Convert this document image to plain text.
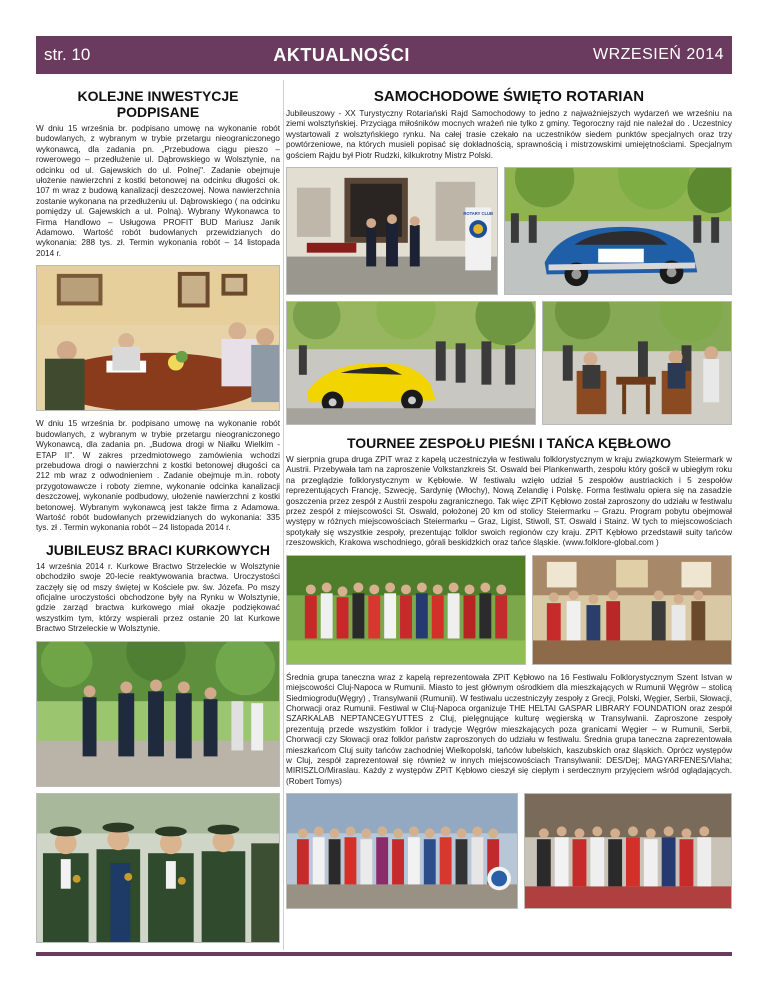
str. 10	AKTUALNOŚCI	WRZESIEŃ 2014
KOLEJNE INWESTYCJE PODPISANE

W dniu 15 września br. podpisano umowę na wykonanie robót budowlanych, z wybranym w trybie przetargu nieograniczonego wykonawcą, dla zadania pn. „Przebudowa ciągu pieszo – rowerowego – przedłużenie ul. Dąbrowskiego w Wolsztynie, na odcinku od ul. Gajewskich do ul. Polnej". Zadanie obejmuje ułożenie nawierzchni z kostki betonowej na odcinku długości ok. 107 m wraz z budową kanalizacji deszczowej. Nowa nawierzchnia zostanie wykonana na przedłużeniu ul. Dąbrowskiego ( na odcinku pomiędzy ul. Gajewskich a ul. Polną). Wybrany Wykonawca to Firma Handlowo – Usługowa PROFIT BUD Mariusz Janik Adamowo. Wartość robót budowlanych przewidzianych do wykonania: 288 tys. zł. Termin wykonania robót – 14 listopada 2014 r.

W dniu 15 września br. podpisano umowę na wykonanie robót budowlanych, z wybranym w trybie przetargu nieograniczonego Wykonawcą, dla zadania pn. „Budowa drogi w Niałku Wielkim - ETAP II". W zakres przedmiotowego zamówienia wchodzi przebudowa drogi o nawierzchni z kostki betonowej długości ca 212 mb wraz z odwodnieniem . Zadanie obejmuje m.in. roboty przygotowawcze i roboty ziemne, wykonanie odcinka kanalizacji deszczowej, wykonanie podbudowy, ułożenie nawierzchni z kostki betonowej. Wybranym wykonawcą jest także firma z Adamowa. Wartość robót budowlanych przewidzianych do wykonania: 335 tys. zł . Termin wykonania robót – 24 listopada 2014 r.

JUBILEUSZ BRACI KURKOWYCH

14 września 2014 r. Kurkowe Bractwo Strzeleckie w Wolsztynie obchodziło swoje 20-lecie reaktywowania bractwa. Uroczystości zaczęły się od mszy świętej w Kościele pw. św. Józefa. Po mszy oficjalne uroczystości obchodzone były na Rynku w Wolsztynie, gdzie zarząd bractwa kurkowego miał okazje podziękować wszystkim tym, którzy wspierali przez ostanie 20 lat Kurkowe Bractwo Strzeleckie w Wolsztynie.

SAMOCHODOWE ŚWIĘTO ROTARIAN

Jubileuszowy - XX Turystyczny Rotariański Rajd Samochodowy to jedno z najważniejszych wydarzeń we wrześniu na ziemi wolsztyńskiej. Przyciąga miłośników mocnych wrażeń nie tylko z gminy. Tegoroczny rajd nie należał do . Uczestnicy wystartowali z wolsztyńskiego rynku. Na całej trasie czekało na uczestników siedem punktów specjalnych oraz trzy powtórzeniowe, na których musieli popisać się dokładnością, sprawnością i mistrzowskimi umiejętnościami. Specjalnym gościem Rajdu był Piotr Rudzki, kilkukrotny Mistrz Polski.

ROTARY CLUB
TOURNEE ZESPOŁU PIEŚNI I TAŃCA KĘBŁOWO

W sierpnia grupa druga ZPiT wraz z kapelą uczestniczyła w festiwalu folklorystycznym w kraju związkowym Steiermark w Austrii. Przebywała tam na zaproszenie Volkstanzkreis St. Oswald bei Plankenwarth, zespołu który gościł w ubiegłym roku na przeglądzie folklorystycznym w Kębłowie. W festiwalu wzięło udział 5 zespołów austriackich i 5 zespołów reprezentujących Francję, Szwecję, Sardynię (Włochy), Nową Zelandię i Polskę. Forma festiwalu opiera się na zasadzie goszczenia przez zespół z Austrii zespołu zagranicznego. Tak więc ZPiT Kębłowo został zaproszony do udziału w festiwalu przez zespół z miejscowości St. Oswald, położonej 20 km od stolicy Steiermarku – Grazu. Program pobytu obejmował występy w różnych miejscowościach Steiermarku – Graz, Ligist, Stiwoll, ST. Oswald i Stainz. W tych to miejscowościach spotykały się wszystkie zespoły, prezentując folklor swoich regionów czy kraju. ZPiT Kębłowo przedstawił suity tańców rzeszowskich, Krakowa wschodniego, górali beskidzkich oraz tańce śląskie. (www.folklore-global.com )

Średnia grupa taneczna wraz z kapelą reprezentowała ZPiT Kębłowo na 16 Festiwalu Folklorystycznym Szent Istvan w miejscowości Cluj-Napoca w Rumunii. Miasto to jest głównym ośrodkiem dla mieszkających w Rumunii Węgrów – stolicą Siedmiogrodu(Węgry) , Transylwanii (Rumunii). W festiwalu uczestniczyły zespoły z Grecji, Polski, Węgier, Serbii, Słowacji, Chorwacji oraz Rumunii. Festiwal w Cluj-Napoca organizuje THE HELTAI GASPAR LIBRARY FOUNDATION oraz zespół SZARKALAB NEPTANCEGYUTTES z Cluj, pielęgnujące kulturę węgierską w Transylwanii. Zaproszone zespoły prezentują przede wszystkim folklor i tradycje Węgrów mieszkających poza granicami Węgier – w Rumunii, Serbii, Chorwacji czy Słowacji oraz folklor państw zaproszonych do udziału w festiwalu. Średnia grupa taneczna zaprezentowała mieszkańcom Cluj suity tańców zachodniej Wielkopolski, tańców lubelskich, kaszubskich oraz śląskich. Oprócz występów w Cluj, zespół zaprezentował się również w innych miejscowościach Transylwanii: DES/Dej; MAGYARFENES/Vlaha; MIRISZLO/Miraslau. Każdy z występów ZPiT Kębłowo cieszył się ciepłym i serdecznym przyjęciem wśród oglądających. (Robert Tomys)
